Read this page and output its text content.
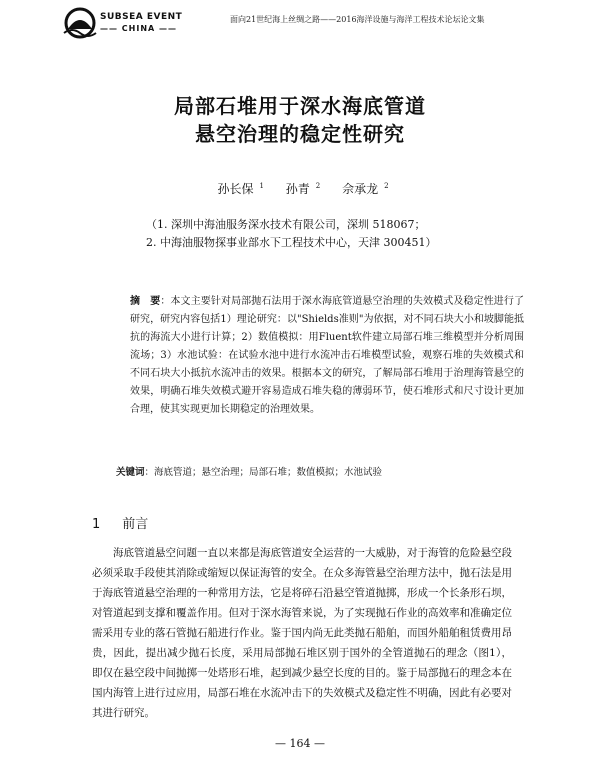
SUBSEA EVENT
—— CHINA ——
面向21世纪海上丝绸之路——2016海洋设施与海洋工程技术论坛论文集
局部石堆用于深水海底管道
悬空治理的稳定性研究
孙长保 $^1$ 孙青 $^2$ 佘承龙 $^2$
（1. 深圳中海油服务深水技术有限公司，深圳 518067；
2. 中海油服物探事业部水下工程技术中心，天津 300451）
摘　要：本文主要针对局部抛石法用于深水海底管道悬空治理的失效模式及稳定性进行了研究，研究内容包括1）理论研究：以"Shields准则"为依据，对不同石块大小和坡脚能抵抗的海流大小进行计算；2）数值模拟：用Fluent软件建立局部石堆三维模型并分析周围流场；3）水池试验：在试验水池中进行水流冲击石堆模型试验，观察石堆的失效模式和不同石块大小抵抗水流冲击的效果。根据本文的研究，了解局部石堆用于治理海管悬空的效果，明确石堆失效模式避开容易造成石堆失稳的薄弱环节，使石堆形式和尺寸设计更加合理，使其实现更加长期稳定的治理效果。
关键词：海底管道；悬空治理；局部石堆；数值模拟；水池试验
1 前言
海底管道悬空问题一直以来都是海底管道安全运营的一大威胁，对于海管的危险悬空段必须采取手段使其消除或缩短以保证海管的安全。在众多海管悬空治理方法中，抛石法是用于海底管道悬空治理的一种常用方法，它是将碎石沿悬空管道抛掷，形成一个长条形石坝，对管道起到支撑和覆盖作用。但对于深水海管来说，为了实现抛石作业的高效率和准确定位需采用专业的落石管抛石船进行作业。鉴于国内尚无此类抛石船舶，而国外船舶租赁费用昂贵，因此，提出减少抛石长度，采用局部抛石堆区别于国外的全管道抛石的理念（图1），即仅在悬空段中间抛掷一处塔形石堆，起到减少悬空长度的目的。鉴于局部抛石的理念本在国内海管上进行过应用，局部石堆在水流冲击下的失效模式及稳定性不明确，因此有必要对其进行研究。
— 164 —
